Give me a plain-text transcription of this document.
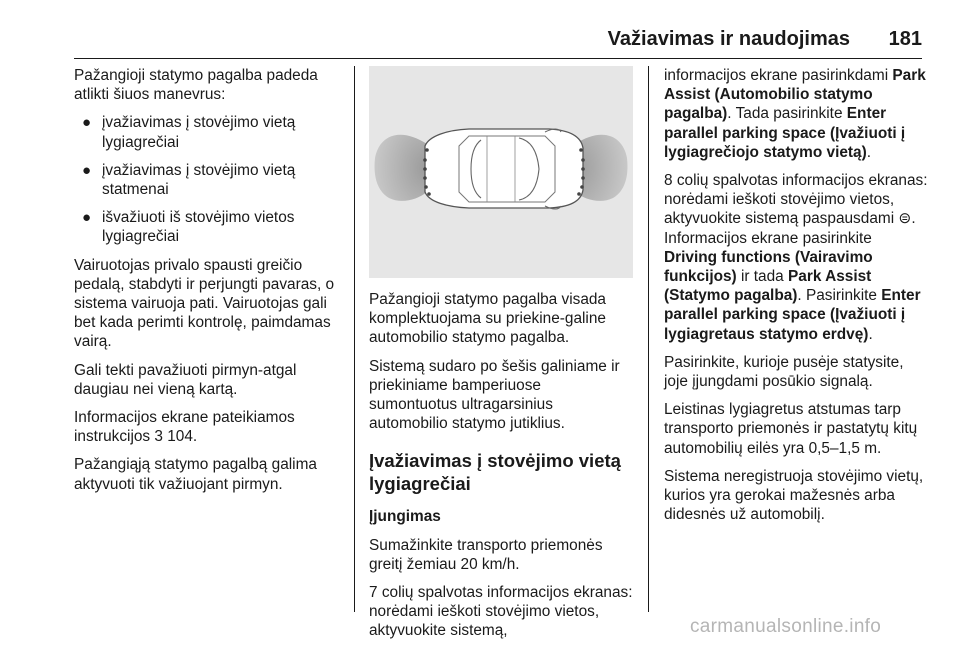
Važiavimas ir naudojimas 181

Pažangioji statymo pagalba padeda atlikti šiuos manevrus:

● įvažiavimas į stovėjimo vietą lygiagrečiai
● įvažiavimas į stovėjimo vietą statmenai
● išvažiuoti iš stovėjimo vietos lygiagrečiai

Vairuotojas privalo spausti greičio pedalą, stabdyti ir perjungti pavaras, o sistema vairuoja pati. Vairuotojas gali bet kada perimti kontrolę, paimdamas vairą.

Gali tekti pavažiuoti pirmyn-atgal daugiau nei vieną kartą.

Informacijos ekrane pateikiamos instrukcijos 3 104.

Pažangiąją statymo pagalbą galima aktyvuoti tik važiuojant pirmyn.

Pažangioji statymo pagalba visada komplektuojama su priekine-galine automobilio statymo pagalba.

Sistemą sudaro po šešis galiniame ir priekiniame bamperiuose
sumontuotus ultragarsinius
automobilio statymo jutiklius.

Įvažiavimas į stovėjimo vietą lygiagrečiai

Įjungimas

Sumažinkite transporto priemonės greitį žemiau 20 km/h.

7 colių spalvotas informacijos ekranas: norėdami ieškoti stovėjimo vietos, aktyvuokite sistemą,

informacijos ekrane pasirinkdami Park Assist (Automobilio statymo pagalba). Tada pasirinkite Enter parallel parking space (Įvažiuoti į lygiagrečiojo statymo vietą).

8 colių spalvotas informacijos ekranas: norėdami ieškoti stovėjimo vietos, aktyvuokite sistemą paspausdami ⊜. Informacijos ekrane pasirinkite Driving functions (Vairavimo funkcijos) ir tada Park Assist (Statymo pagalba). Pasirinkite Enter parallel parking space (Įvažiuoti į lygiagretaus statymo erdvę).

Pasirinkite, kurioje pusėje statysite, joje įjungdami posūkio signalą.

Leistinas lygiagretus atstumas tarp transporto priemonės ir pastatytų kitų automobilių eilės yra 0,5–1,5 m.

Sistema neregistruoja stovėjimo vietų, kurios yra gerokai mažesnės arba didesnės už automobilį.

carmanualsonline.info
